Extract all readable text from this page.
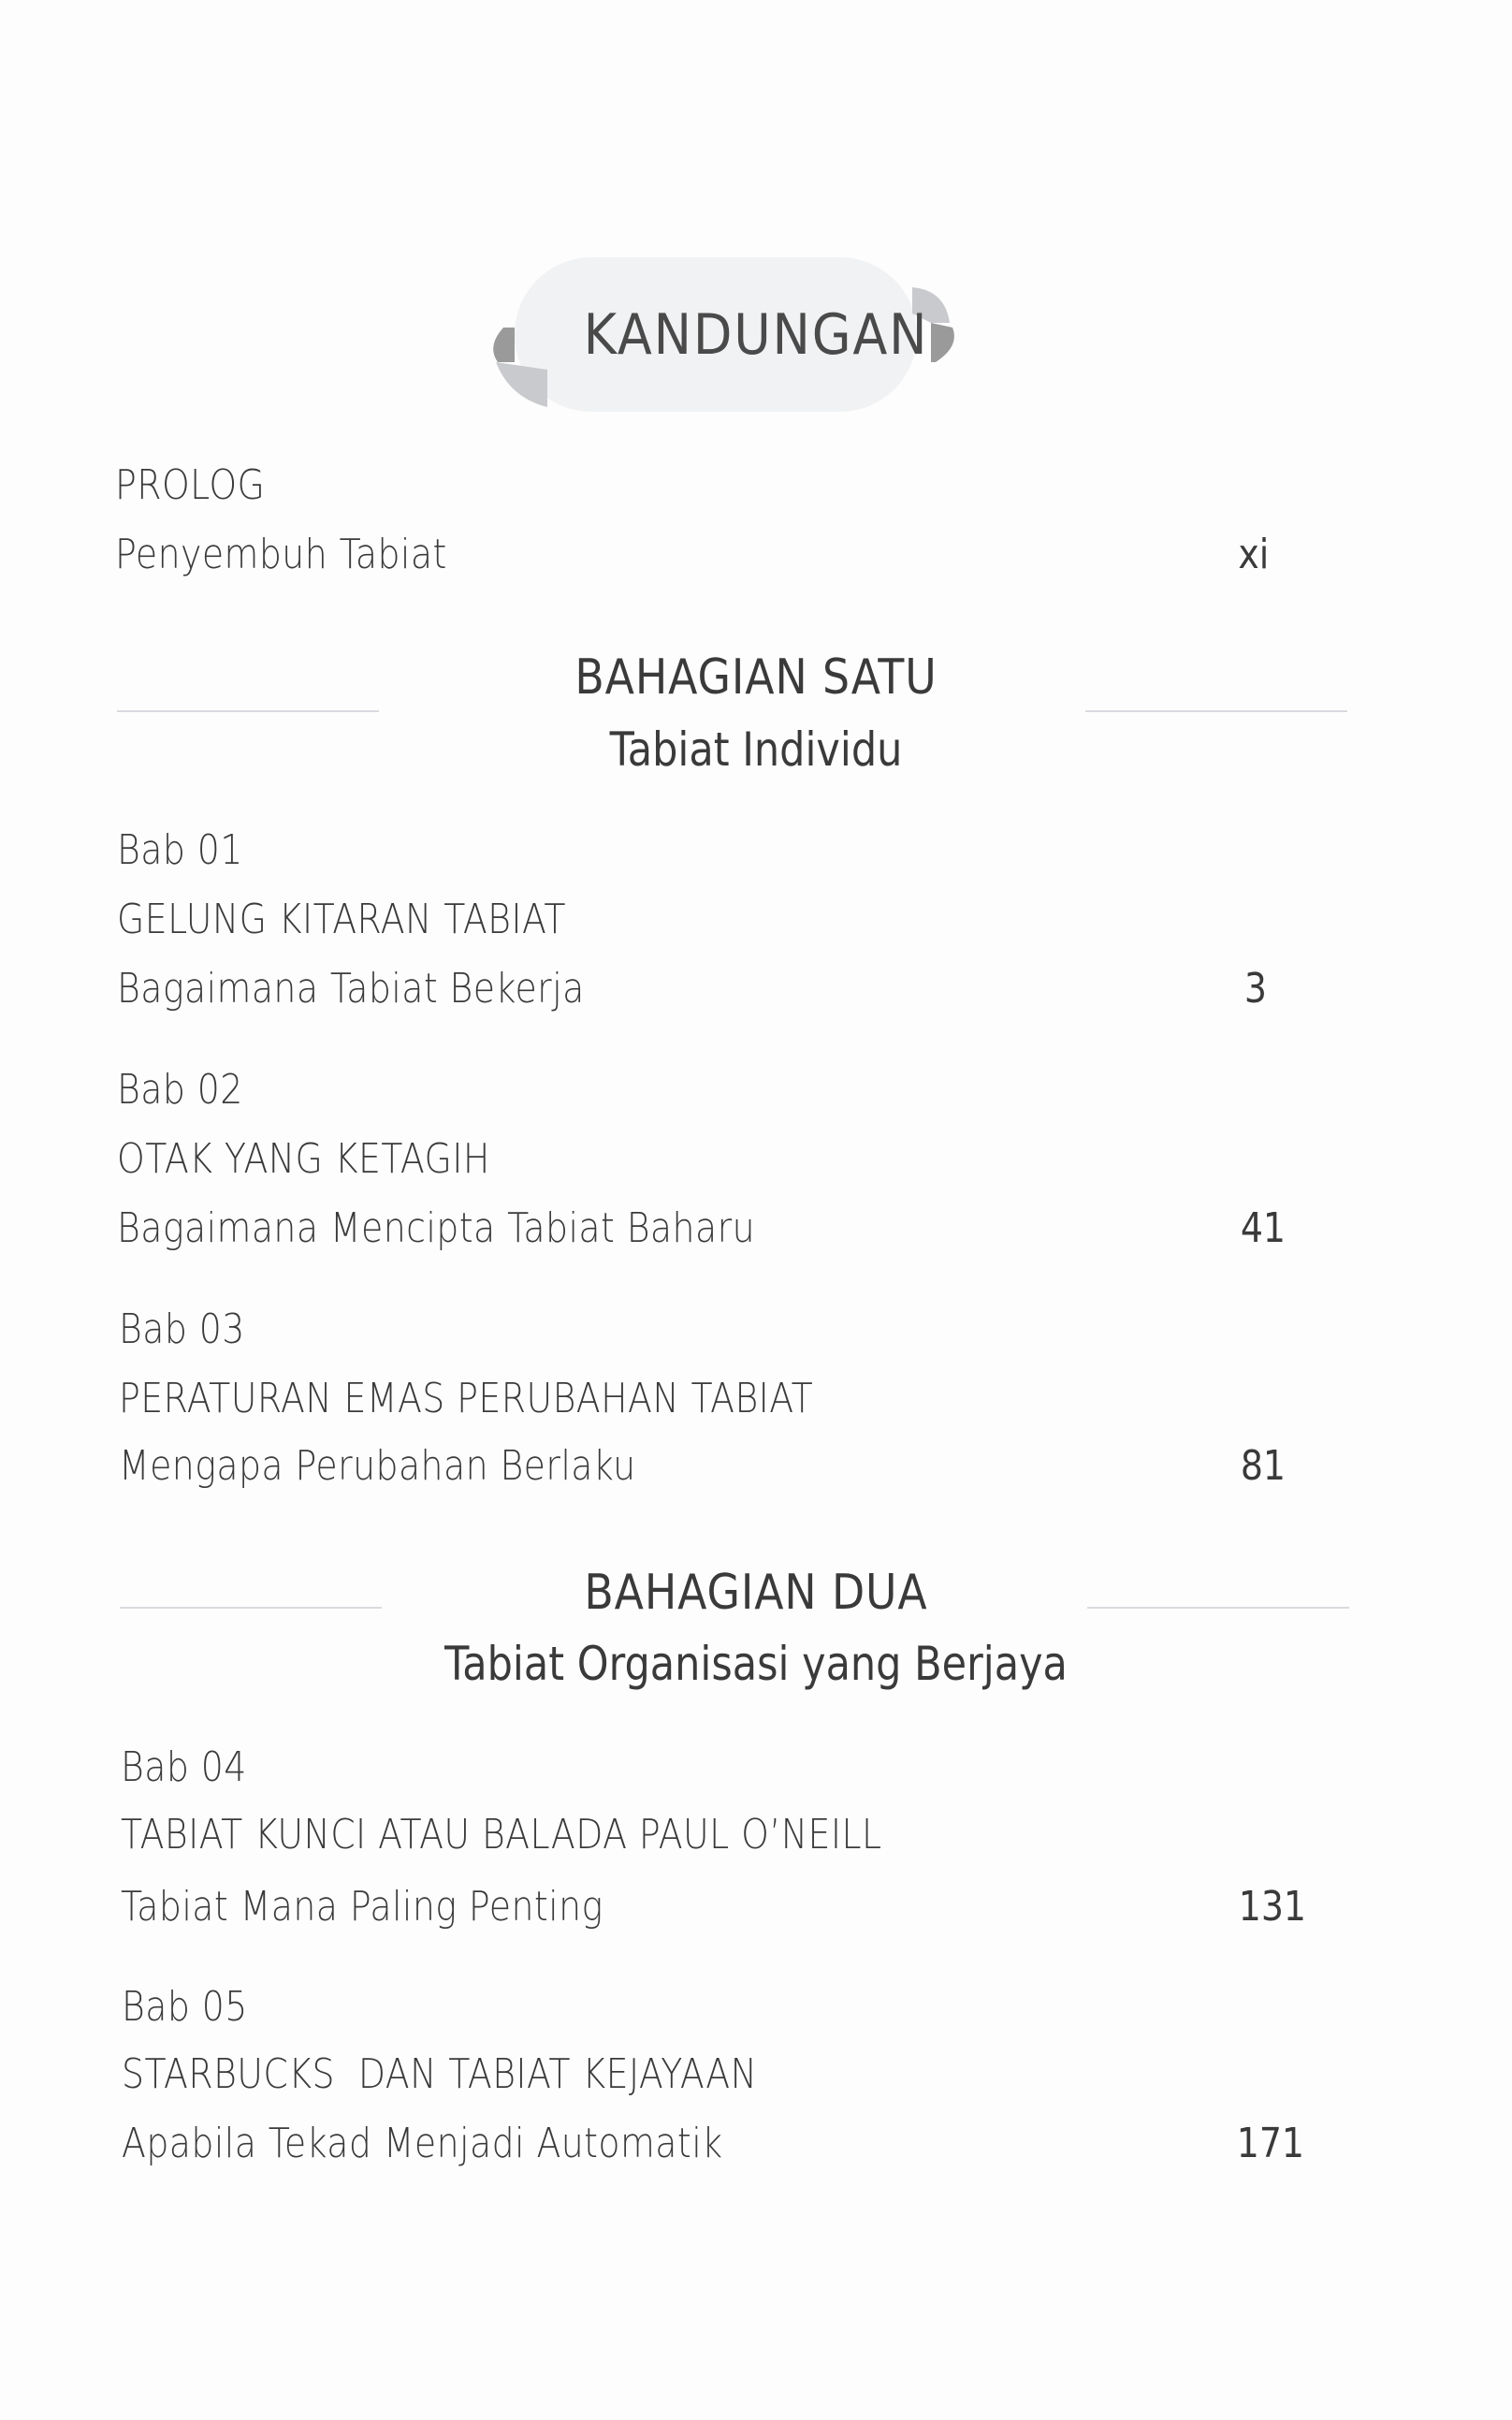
KANDUNGAN
PROLOG
Penyembuh Tabiat	xi
BAHAGIAN SATU
Tabiat Individu
Bab 01
GELUNG KITARAN TABIAT
Bagaimana Tabiat Bekerja	3
Bab 02
OTAK YANG KETAGIH
Bagaimana Mencipta Tabiat Baharu	41
Bab 03
PERATURAN EMAS PERUBAHAN TABIAT
Mengapa Perubahan Berlaku	81
BAHAGIAN DUA
Tabiat Organisasi yang Berjaya
Bab 04
TABIAT KUNCI ATAU BALADA PAUL O’NEILL
Tabiat Mana Paling Penting	131
Bab 05
STARBUCKS  DAN TABIAT KEJAYAAN
Apabila Tekad Menjadi Automatik	171
